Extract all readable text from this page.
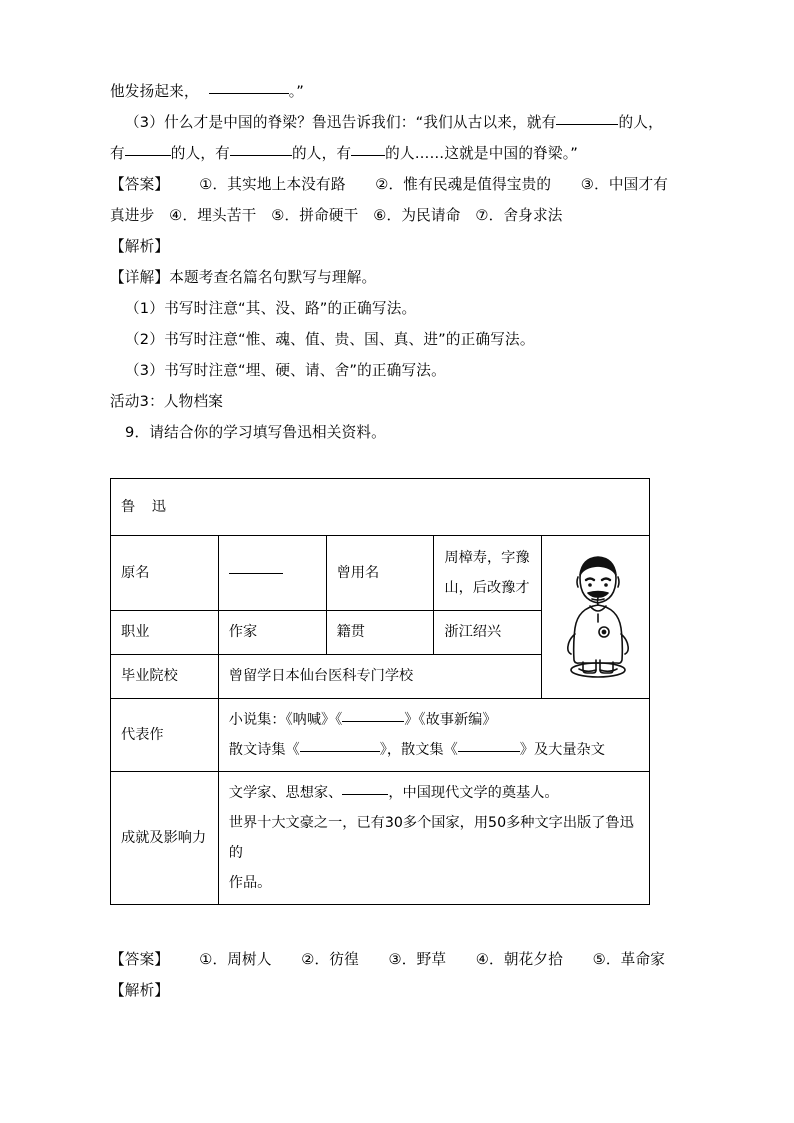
他发扬起来，	。”
（3）什么才是中国的脊梁？鲁迅告诉我们：“我们从古以来，就有	的人，有	的人，有	的人，有 的人……这就是中国的脊梁。”
【答案】 ①．其实地上本没有路　　②．惟有民魂是值得宝贵的　　③．中国才有真进步　④．埋头苦干　⑤．拼命硬干　⑥．为民请命　⑦．舍身求法
【解析】
【详解】本题考查名篇名句默写与理解。
（1）书写时注意“其、没、路”的正确写法。
（2）书写时注意“惟、魂、值、贵、国、真、进”的正确写法。
（3）书写时注意“埋、硬、请、舍”的正确写法。
活动3：人物档案
9．请结合你的学习填写鲁迅相关资料。
鲁 迅				
原名		曾用名	周樟寿，字豫山，后改豫才	

职业	作家	籍贯	浙江绍兴	
毕业院校	曾留学日本仙台医科专门学校			
代表作	小说集：《呐喊》《 》《故事新编》
散文诗集《 》，散文集《 》及大量杂文			

成就及影响力	文学家、思想家、 ，中国现代文学的奠基人。
世界十大文豪之一，已有30多个国家，用50多种文字出版了鲁迅的
作品。			
【答案】 ①．周树人　　②．彷徨　　③．野草　　④．朝花夕拾　　⑤．革命家
【解析】
